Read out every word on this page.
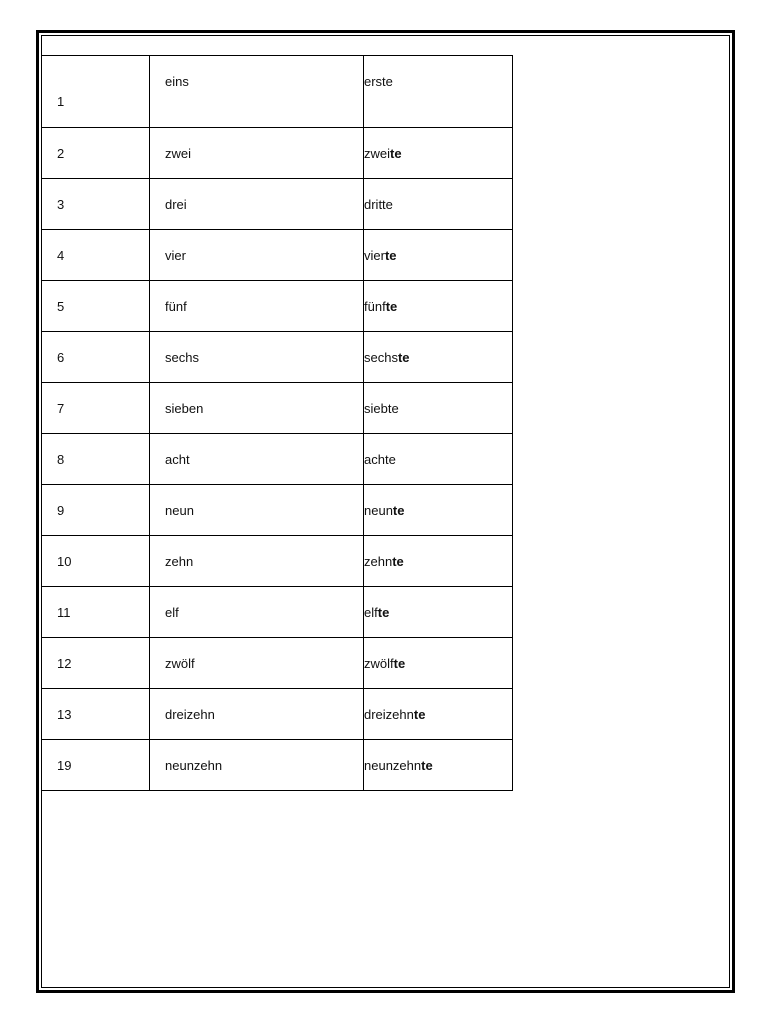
1	eins	erste
2	zwei	zweite
3	drei	dritte
4	vier	vierte
5	fünf	fünfte
6	sechs	sechste
7	sieben	siebte
8	acht	achte
9	neun	neunte
10	zehn	zehnte
11	elf	elfte
12	zwölf	zwölfte
13	dreizehn	dreizehnte
19	neunzehn	neunzehnte
